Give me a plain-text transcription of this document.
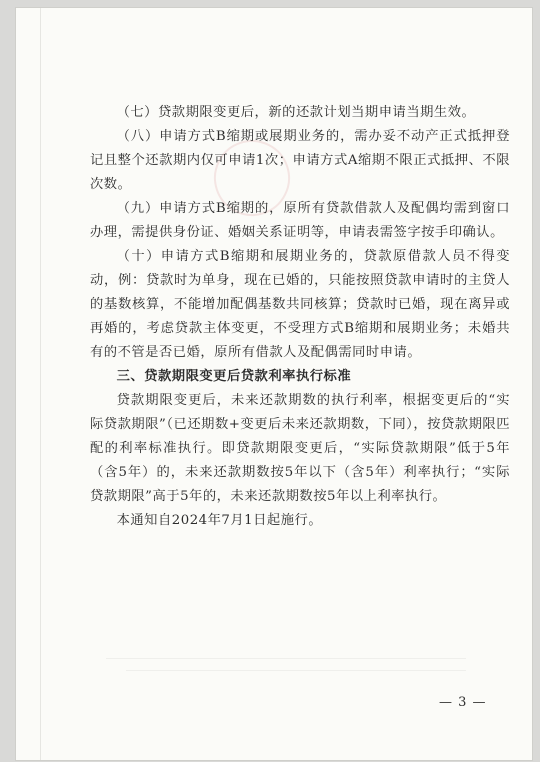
（七）贷款期限变更后，新的还款计划当期申请当期生效。

（八）申请方式B缩期或展期业务的，需办妥不动产正式抵押登记且整个还款期内仅可申请1次；申请方式A缩期不限正式抵押、不限次数。

（九）申请方式B缩期的，原所有贷款借款人及配偶均需到窗口办理，需提供身份证、婚姻关系证明等，申请表需签字按手印确认。

（十）申请方式B缩期和展期业务的，贷款原借款人员不得变动，例：贷款时为单身，现在已婚的，只能按照贷款申请时的主贷人的基数核算，不能增加配偶基数共同核算；贷款时已婚，现在离异或再婚的，考虑贷款主体变更，不受理方式B缩期和展期业务；未婚共有的不管是否已婚，原所有借款人及配偶需同时申请。

三、贷款期限变更后贷款利率执行标准

贷款期限变更后，未来还款期数的执行利率，根据变更后的“实际贷款期限”（已还期数+变更后未来还款期数，下同），按贷款期限匹配的利率标准执行。即贷款期限变更后，“实际贷款期限”低于5年（含5年）的，未来还款期数按5年以下（含5年）利率执行；“实际贷款期限”高于5年的，未来还款期数按5年以上利率执行。

本通知自2024年7月1日起施行。

— 3 —
